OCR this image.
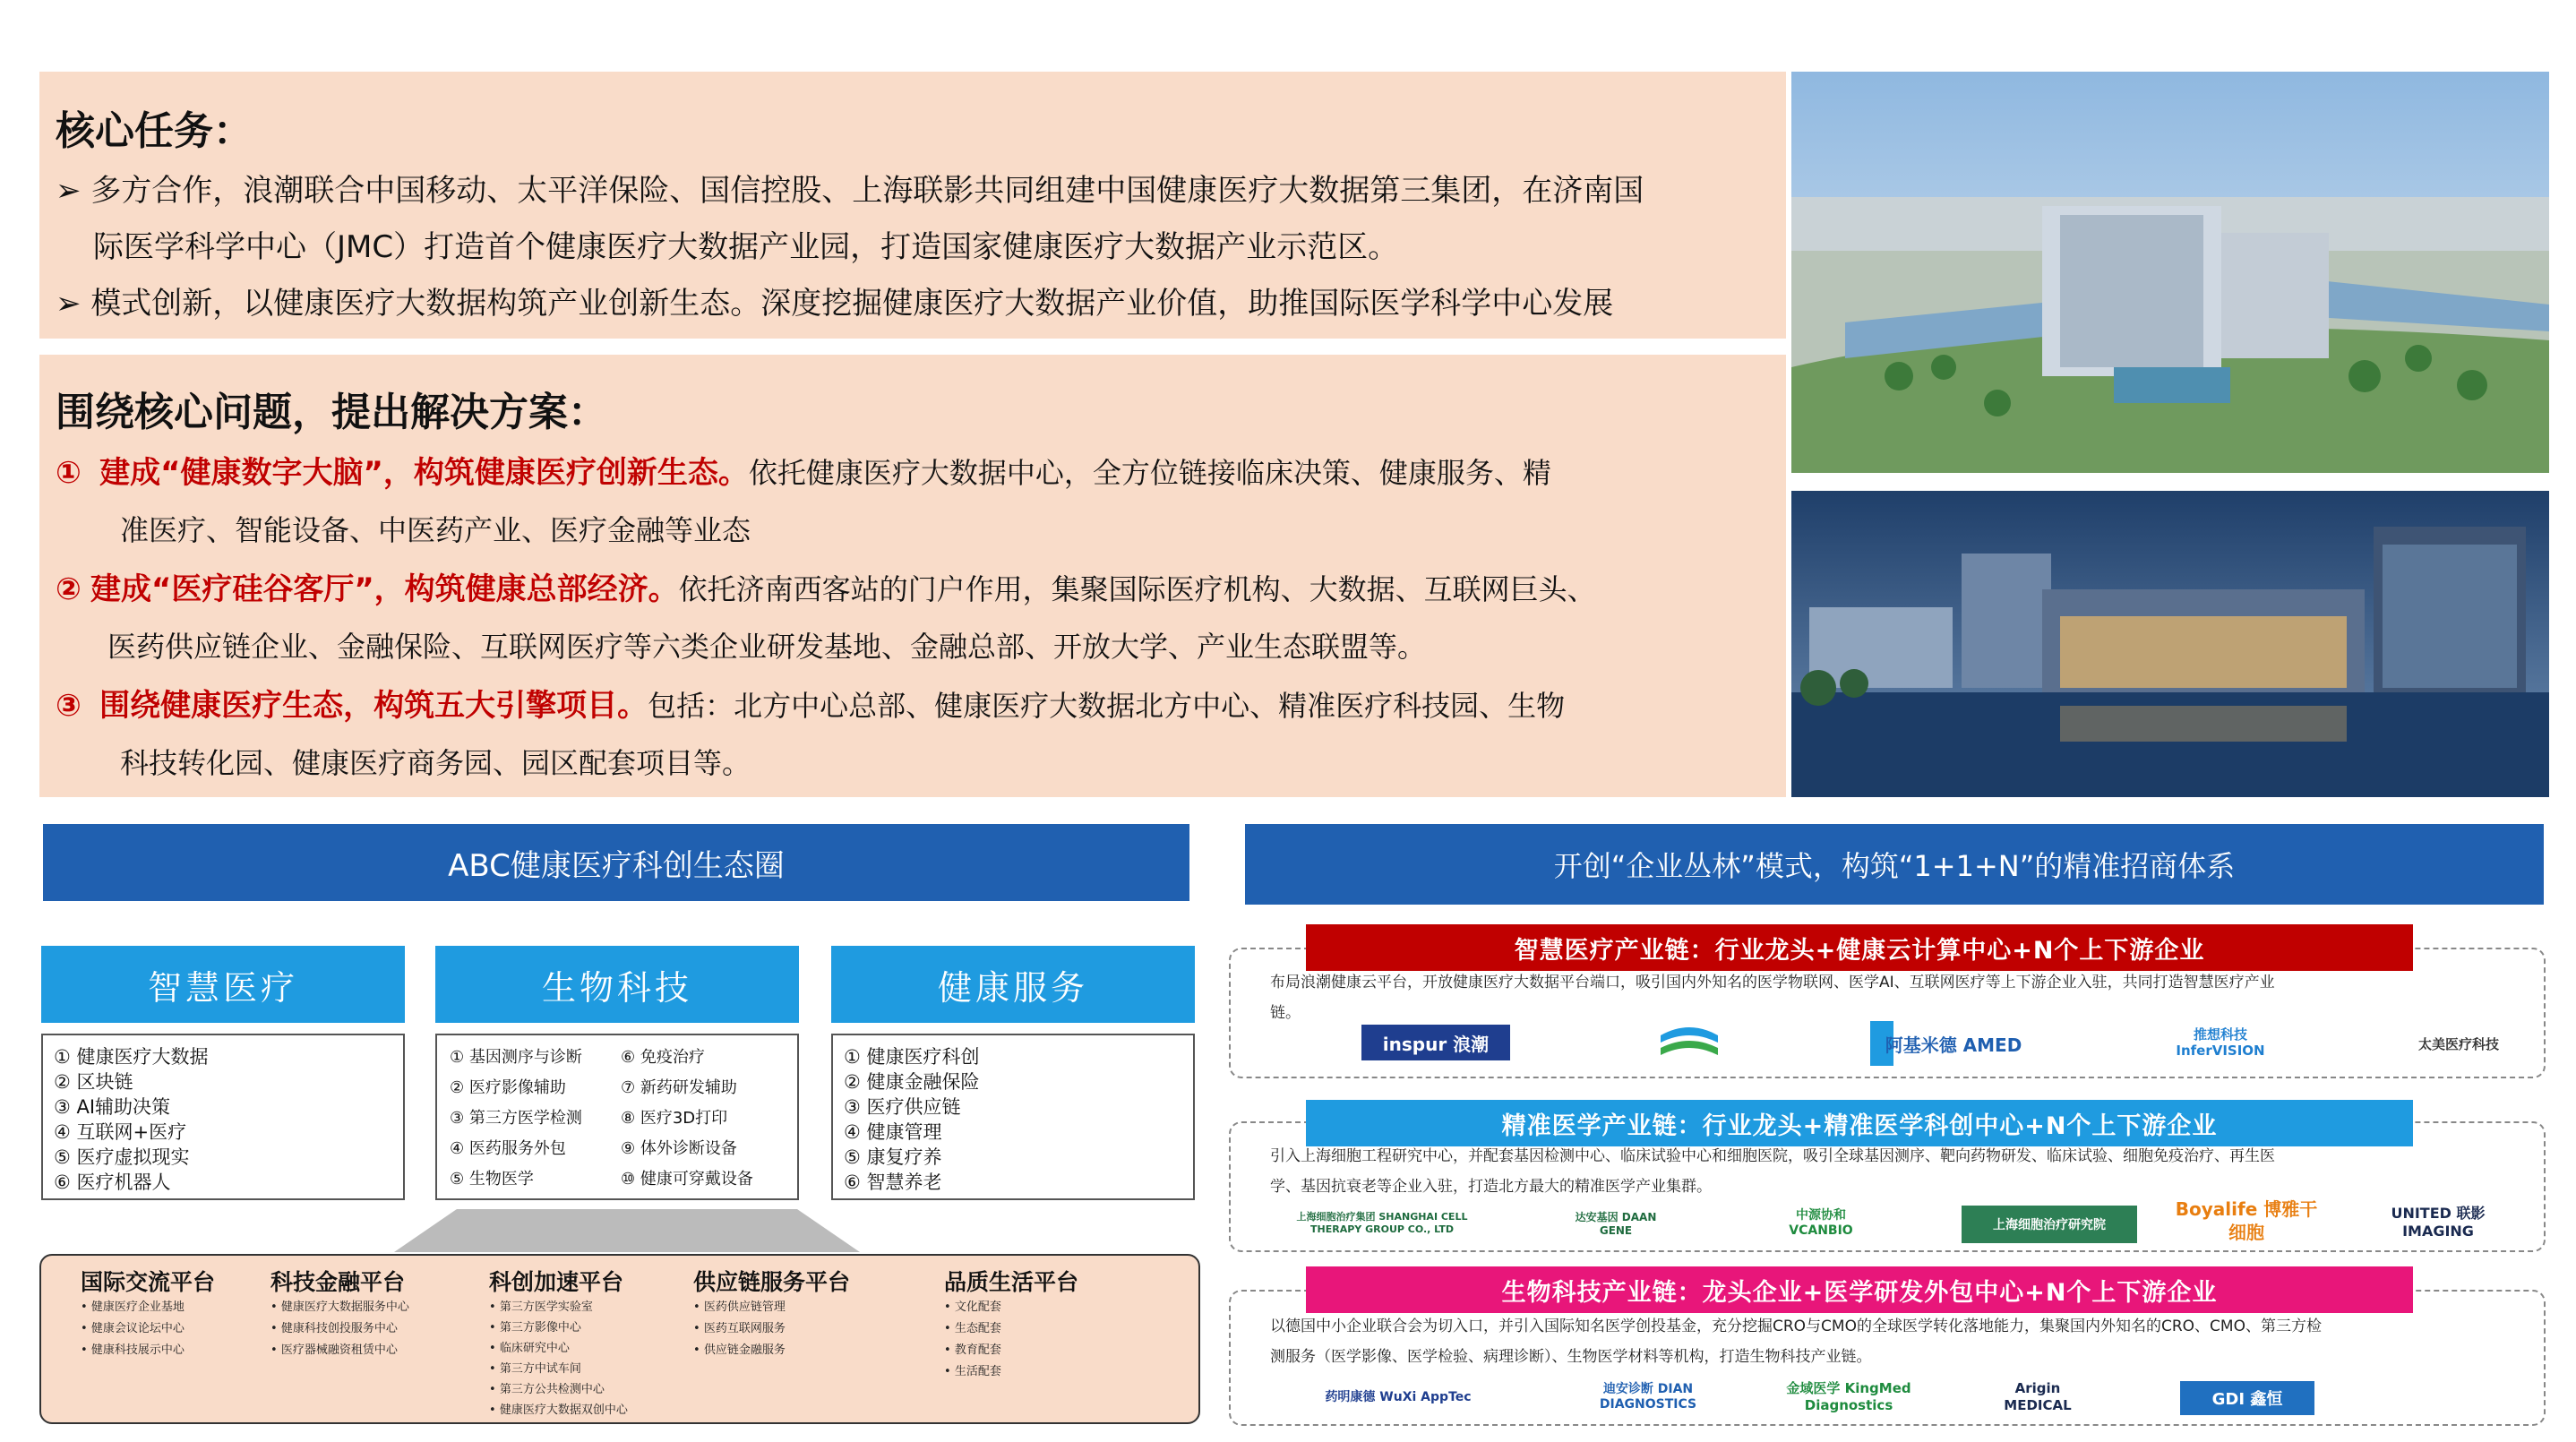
核心任务：
➢ 多方合作，浪潮联合中国移动、太平洋保险、国信控股、上海联影共同组建中国健康医疗大数据第三集团，在济南国
际医学科学中心（JMC）打造首个健康医疗大数据产业园，打造国家健康医疗大数据产业示范区。
➢ 模式创新，以健康医疗大数据构筑产业创新生态。深度挖掘健康医疗大数据产业价值，助推国际医学科学中心发展
围绕核心问题，提出解决方案：
① 建成“健康数字大脑”，构筑健康医疗创新生态。依托健康医疗大数据中心，全方位链接临床决策、健康服务、精
准医疗、智能设备、中医药产业、医疗金融等业态
② 建成“医疗硅谷客厅”，构筑健康总部经济。依托济南西客站的门户作用，集聚国际医疗机构、大数据、互联网巨头、
医药供应链企业、金融保险、互联网医疗等六类企业研发基地、金融总部、开放大学、产业生态联盟等。
③ 围绕健康医疗生态，构筑五大引擎项目。包括：北方中心总部、健康医疗大数据北方中心、精准医疗科技园、生物
科技转化园、健康医疗商务园、园区配套项目等。
ABC健康医疗科创生态圈
智慧医疗	生物科技	健康服务
① 健康医疗大数据
② 区块链
③ AI辅助决策
④ 互联网+医疗
⑤ 医疗虚拟现实
⑥ 医疗机器人
① 基因测序与诊断
② 医疗影像辅助
③ 第三方医学检测
④ 医药服务外包
⑤ 生物医学
⑥ 免疫治疗
⑦ 新药研发辅助
⑧ 医疗3D打印
⑨ 体外诊断设备
⑩ 健康可穿戴设备
① 健康医疗科创
② 健康金融保险
③ 医疗供应链
④ 健康管理
⑤ 康复疗养
⑥ 智慧养老
国际交流平台
• 健康医疗企业基地
• 健康会议论坛中心
• 健康科技展示中心
科技金融平台
• 健康医疗大数据服务中心
• 健康科技创投服务中心
• 医疗器械融资租赁中心
科创加速平台
• 第三方医学实验室
• 第三方影像中心
• 临床研究中心
• 第三方中试车间
• 第三方公共检测中心
• 健康医疗大数据双创中心
供应链服务平台
• 医药供应链管理
• 医药互联网服务
• 供应链金融服务
品质生活平台
• 文化配套
• 生态配套
• 教育配套
• 生活配套
开创“企业丛林”模式，构筑“1+1+N”的精准招商体系
布局浪潮健康云平台，开放健康医疗大数据平台端口，吸引国内外知名的医学物联网、医学AI、互联网医疗等上下游企业入驻，共同打造智慧医疗产业
链。
inspur 浪潮	阿基米德 AMED	推想科技 InferVISION	太美医疗科技
智慧医疗产业链：行业龙头+健康云计算中心+N个上下游企业
引入上海细胞工程研究中心，并配套基因检测中心、临床试验中心和细胞医院，吸引全球基因测序、靶向药物研发、临床试验、细胞免疫治疗、再生医
学、基因抗衰老等企业入驻，打造北方最大的精准医学产业集群。
上海细胞治疗集团 SHANGHAI CELL THERAPY GROUP CO., LTD
达安基因 DAAN GENE
中源协和 VCANBIO	上海细胞治疗研究院
Boyalife 博雅干细胞
UNITED 联影 IMAGING
精准医学产业链：行业龙头+精准医学科创中心+N个上下游企业
以德国中小企业联合会为切入口，并引入国际知名医学创投基金，充分挖掘CRO与CMO的全球医学转化落地能力，集聚国内外知名的CRO、CMO、第三方检
测服务（医学影像、医学检验、病理诊断）、生物医学材料等机构，打造生物科技产业链。
药明康德 WuXi AppTec
迪安诊断 DIAN DIAGNOSTICS
金域医学 KingMed Diagnostics
Arigin MEDICAL	GDI 鑫恒
生物科技产业链：龙头企业+医学研发外包中心+N个上下游企业
